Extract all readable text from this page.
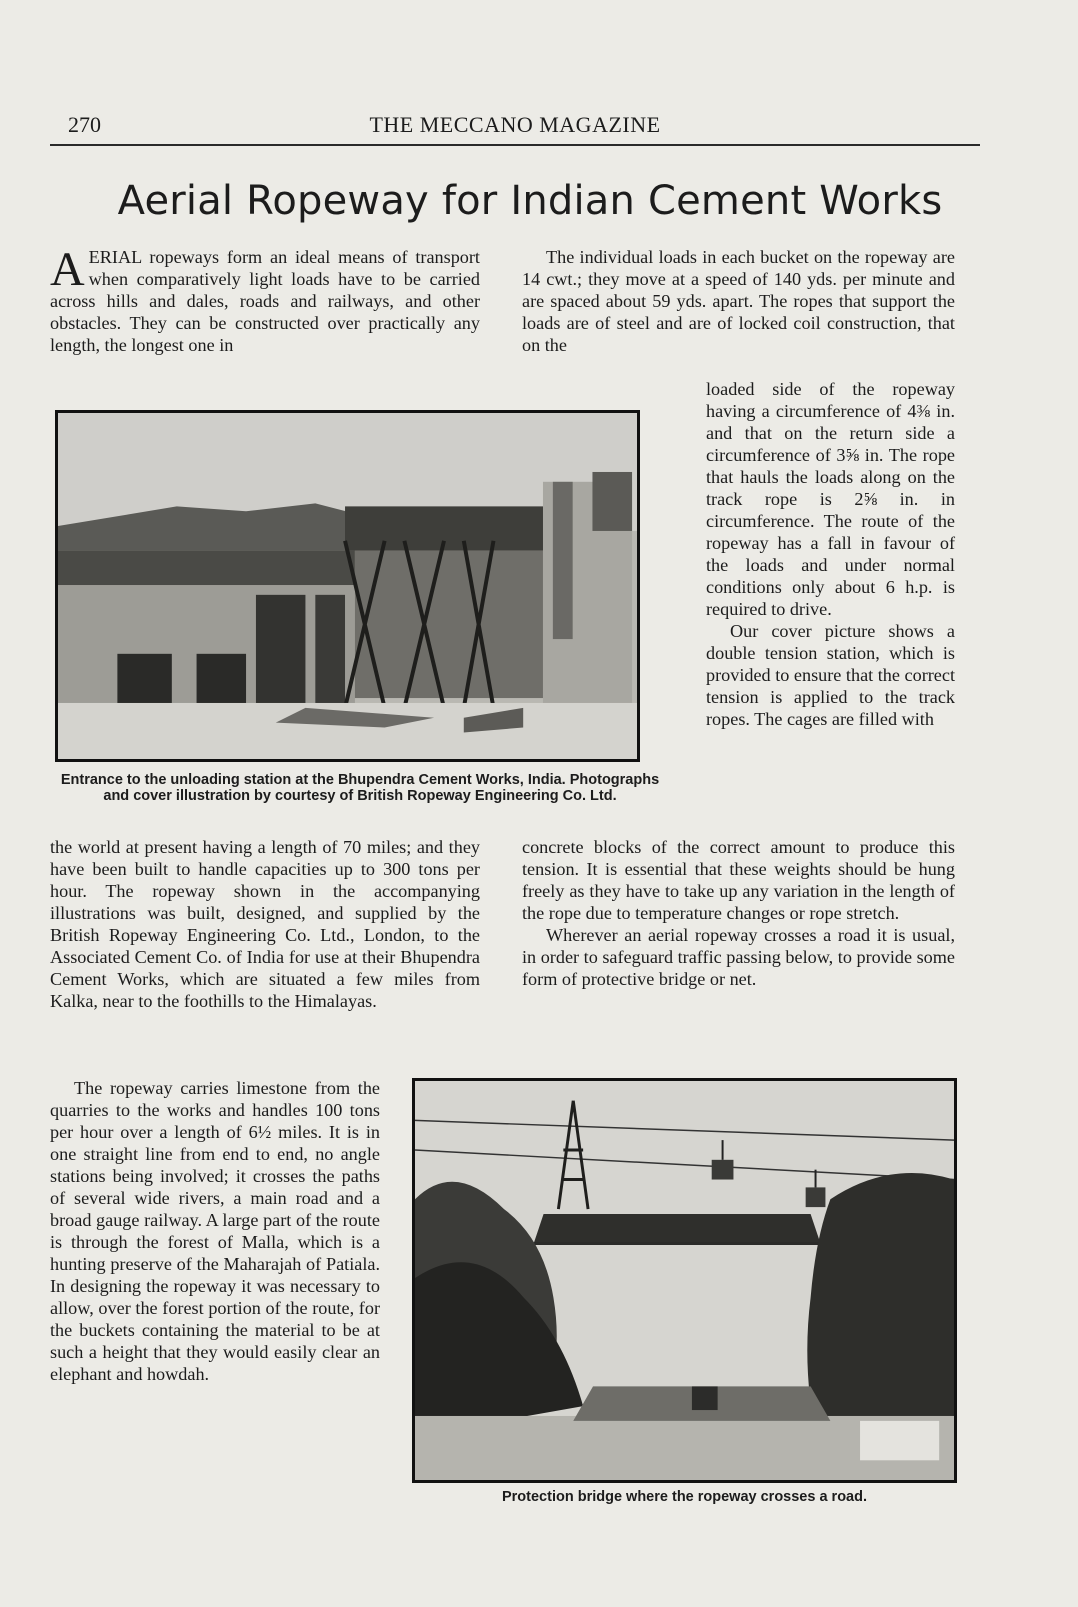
270	THE MECCANO MAGAZINE
Aerial Ropeway for Indian Cement Works

AERIAL ropeways form an ideal means of transport when comparatively light loads have to be carried across hills and dales, roads and railways, and other obstacles. They can be constructed over practically any length, the longest one in

The individual loads in each bucket on the ropeway are 14 cwt.; they move at a speed of 140 yds. per minute and are spaced about 59 yds. apart. The ropes that support the loads are of steel and are of locked coil construction, that on the

Entrance to the unloading station at the Bhupendra Cement Works, India. Photographs and cover illustration by courtesy of British Ropeway Engineering Co. Ltd.

loaded side of the ropeway having a circumference of 4⅜ in. and that on the return side a circumference of 3⅝ in. The rope that hauls the loads along on the track rope is 2⅝ in. in circumference. The route of the ropeway has a fall in favour of the loads and under normal conditions only about 6 h.p. is required to drive.

Our cover picture shows a double tension station, which is provided to ensure that the correct tension is applied to the track ropes. The cages are filled with

the world at present having a length of 70 miles; and they have been built to handle capacities up to 300 tons per hour. The ropeway shown in the accompanying illustrations was built, designed, and supplied by the British Ropeway Engineering Co. Ltd., London, to the Associated Cement Co. of India for use at their Bhupendra Cement Works, which are situated a few miles from Kalka, near to the foothills to the Himalayas.

The ropeway carries limestone from the quarries to the works and handles 100 tons per hour over a length of 6½ miles. It is in one straight line from end to end, no angle stations being involved; it crosses the paths of several wide rivers, a main road and a broad gauge railway. A large part of the route is through the forest of Malla, which is a hunting preserve of the Maharajah of Patiala. In designing the ropeway it was necessary to allow, over the forest portion of the route, for the buckets containing the material to be at such a height that they would easily clear an elephant and howdah.

concrete blocks of the correct amount to produce this tension. It is essential that these weights should be hung freely as they have to take up any variation in the length of the rope due to temperature changes or rope stretch.

Wherever an aerial ropeway crosses a road it is usual, in order to safeguard traffic passing below, to provide some form of protective bridge or net.

Protection bridge where the ropeway crosses a road.
